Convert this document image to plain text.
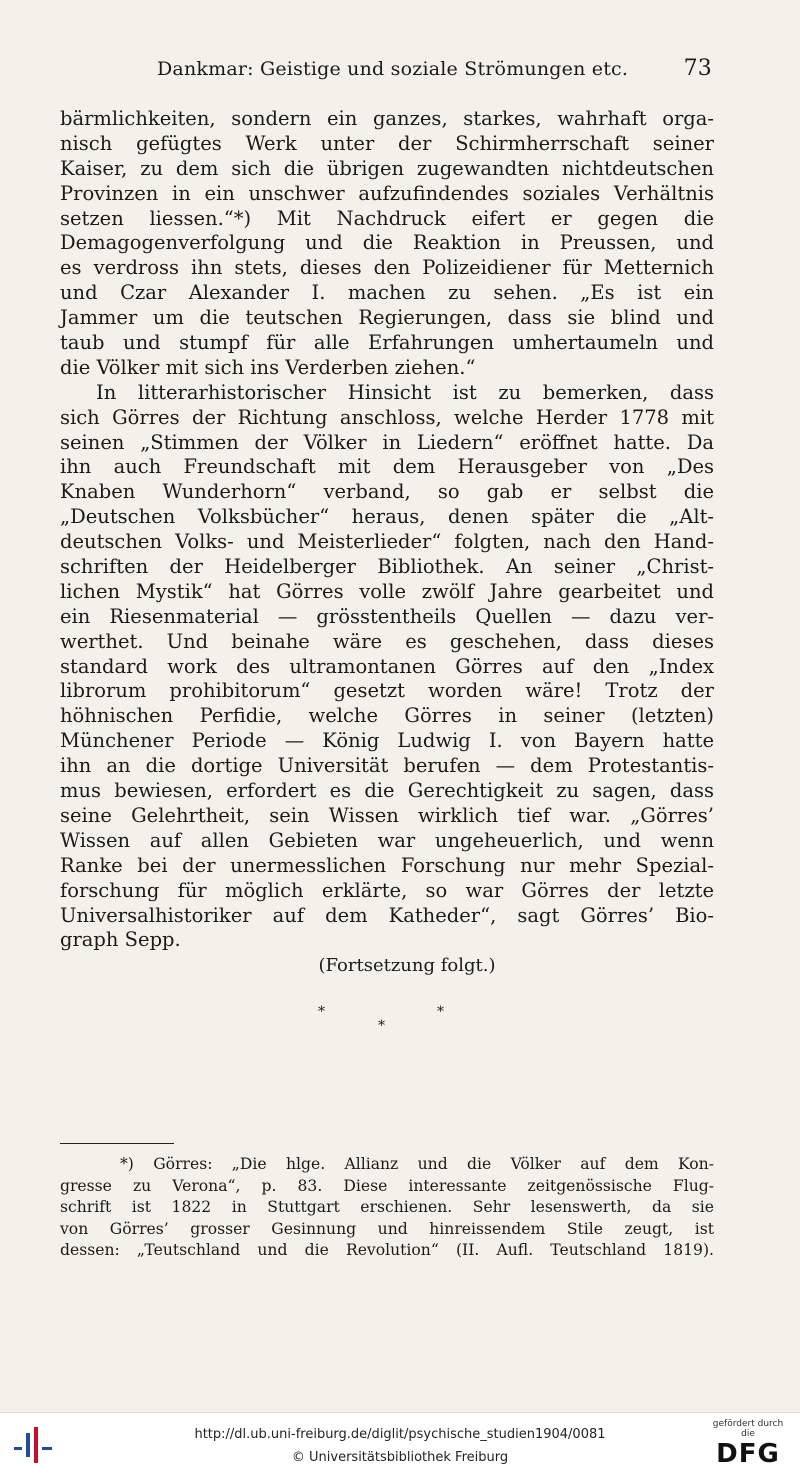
Dankmar: Geistige und soziale Strömungen etc.	73
bärmlichkeiten, sondern ein ganzes, starkes, wahrhaft orga-
nisch gefügtes Werk unter der Schirmherrschaft seiner
Kaiser, zu dem sich die übrigen zugewandten nichtdeutschen
Provinzen in ein unschwer aufzufindendes soziales Verhältnis
setzen liessen.“*) Mit Nachdruck eifert er gegen die
Demagogenverfolgung und die Reaktion in Preussen, und
es verdross ihn stets, dieses den Polizeidiener für Metternich
und Czar Alexander I. machen zu sehen. „Es ist ein
Jammer um die teutschen Regierungen, dass sie blind und
taub und stumpf für alle Erfahrungen umhertaumeln und
die Völker mit sich ins Verderben ziehen.“
In litterarhistorischer Hinsicht ist zu bemerken, dass
sich Görres der Richtung anschloss, welche Herder 1778 mit
seinen „Stimmen der Völker in Liedern“ eröffnet hatte. Da
ihn auch Freundschaft mit dem Herausgeber von „Des
Knaben Wunderhorn“ verband, so gab er selbst die
„Deutschen Volksbücher“ heraus, denen später die „Alt-
deutschen Volks- und Meisterlieder“ folgten, nach den Hand-
schriften der Heidelberger Bibliothek. An seiner „Christ-
lichen Mystik“ hat Görres volle zwölf Jahre gearbeitet und
ein Riesenmaterial — grösstentheils Quellen — dazu ver-
werthet. Und beinahe wäre es geschehen, dass dieses
standard work des ultramontanen Görres auf den „Index
librorum prohibitorum“ gesetzt worden wäre! Trotz der
höhnischen Perfidie, welche Görres in seiner (letzten)
Münchener Periode — König Ludwig I. von Bayern hatte
ihn an die dortige Universität berufen — dem Protestantis-
mus bewiesen, erfordert es die Gerechtigkeit zu sagen, dass
seine Gelehrtheit, sein Wissen wirklich tief war. „Görres’
Wissen auf allen Gebieten war ungeheuerlich, und wenn
Ranke bei der unermesslichen Forschung nur mehr Spezial-
forschung für möglich erklärte, so war Görres der letzte
Universalhistoriker auf dem Katheder“, sagt Görres’ Bio-
graph Sepp.
(Fortsetzung folgt.)
*
*
*
*) Görres: „Die hlge. Allianz und die Völker auf dem Kon-
gresse zu Verona“, p. 83. Diese interessante zeitgenössische Flug-
schrift ist 1822 in Stuttgart erschienen. Sehr lesenswerth, da sie
von Görres’ grosser Gesinnung und hinreissendem Stile zeugt, ist
dessen: „Teutschland und die Revolution“ (II. Aufl. Teutschland 1819).
http://dl.ub.uni-freiburg.de/diglit/psychische_studien1904/0081
© Universitätsbibliothek Freiburg
gefördert durch die
DFG
